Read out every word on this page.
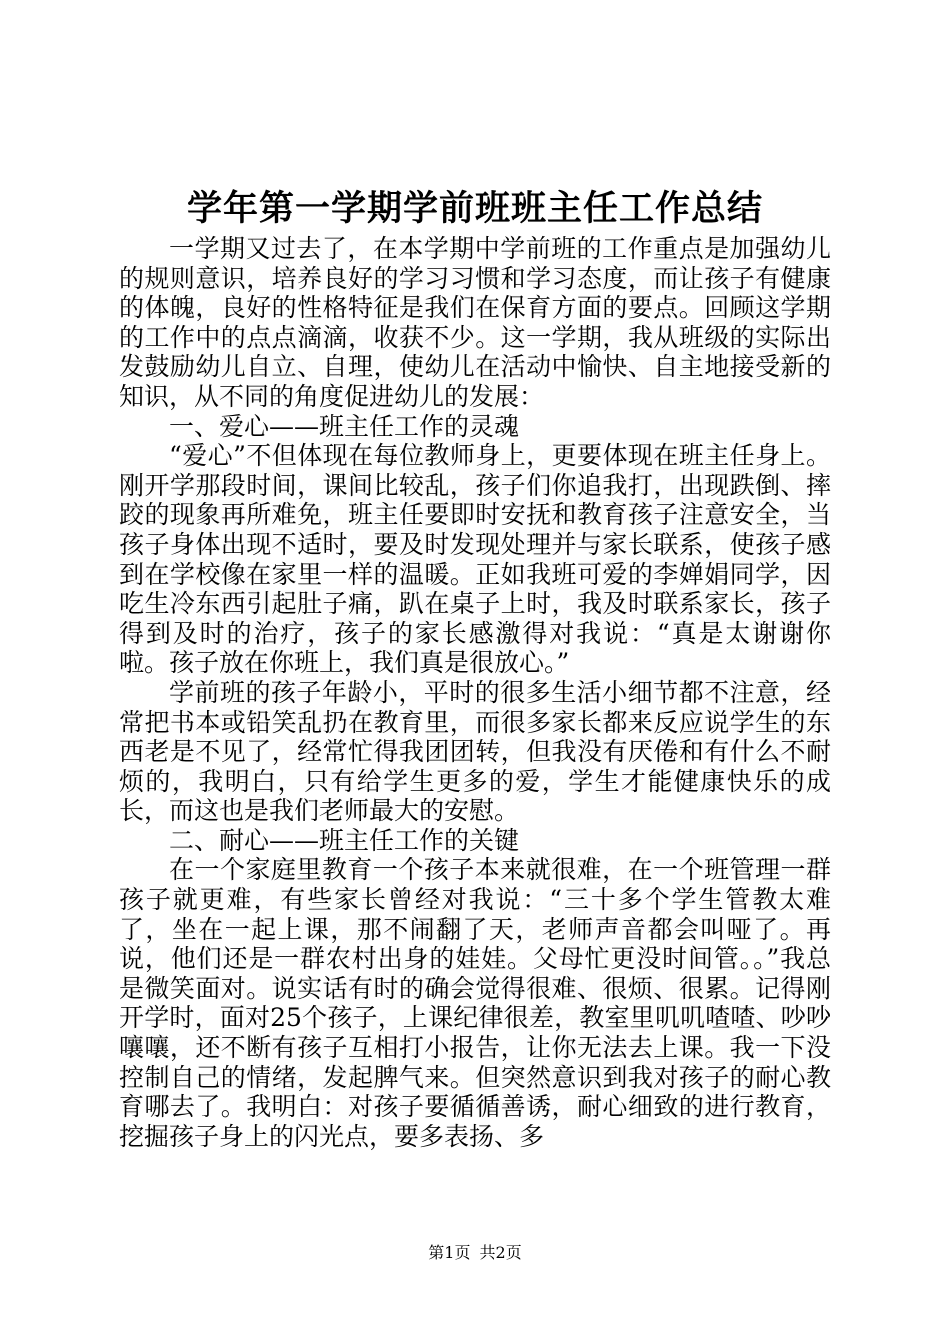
学年第一学期学前班班主任工作总结

一学期又过去了，在本学期中学前班的工作重点是加强幼儿的规则意识，培养良好的学习习惯和学习态度，而让孩子有健康的体魄，良好的性格特征是我们在保育方面的要点。回顾这学期的工作中的点点滴滴，收获不少。这一学期，我从班级的实际出发鼓励幼儿自立、自理，使幼儿在活动中愉快、自主地接受新的知识，从不同的角度促进幼儿的发展：

一、爱心——班主任工作的灵魂

“爱心”不但体现在每位教师身上，更要体现在班主任身上。刚开学那段时间，课间比较乱，孩子们你追我打，出现跌倒、摔跤的现象再所难免，班主任要即时安抚和教育孩子注意安全，当孩子身体出现不适时，要及时发现处理并与家长联系，使孩子感到在学校像在家里一样的温暖。正如我班可爱的李婵娟同学，因吃生冷东西引起肚子痛，趴在桌子上时，我及时联系家长，孩子得到及时的治疗，孩子的家长感激得对我说：“真是太谢谢你啦。孩子放在你班上，我们真是很放心。”

学前班的孩子年龄小，平时的很多生活小细节都不注意，经常把书本或铅笑乱扔在教育里，而很多家长都来反应说学生的东西老是不见了，经常忙得我团团转，但我没有厌倦和有什么不耐烦的，我明白，只有给学生更多的爱，学生才能健康快乐的成长，而这也是我们老师最大的安慰。

二、耐心——班主任工作的关键

在一个家庭里教育一个孩子本来就很难，在一个班管理一群孩子就更难，有些家长曾经对我说：“三十多个学生管教太难了，坐在一起上课，那不闹翻了天，老师声音都会叫哑了。再说，他们还是一群农村出身的娃娃。父母忙更没时间管。。”我总是微笑面对。说实话有时的确会觉得很难、很烦、很累。记得刚开学时，面对25个孩子，上课纪律很差，教室里叽叽喳喳、吵吵嚷嚷，还不断有孩子互相打小报告，让你无法去上课。我一下没控制自己的情绪，发起脾气来。但突然意识到我对孩子的耐心教育哪去了。我明白：对孩子要循循善诱，耐心细致的进行教育，挖掘孩子身上的闪光点，要多表扬、多

第1页 共2页
